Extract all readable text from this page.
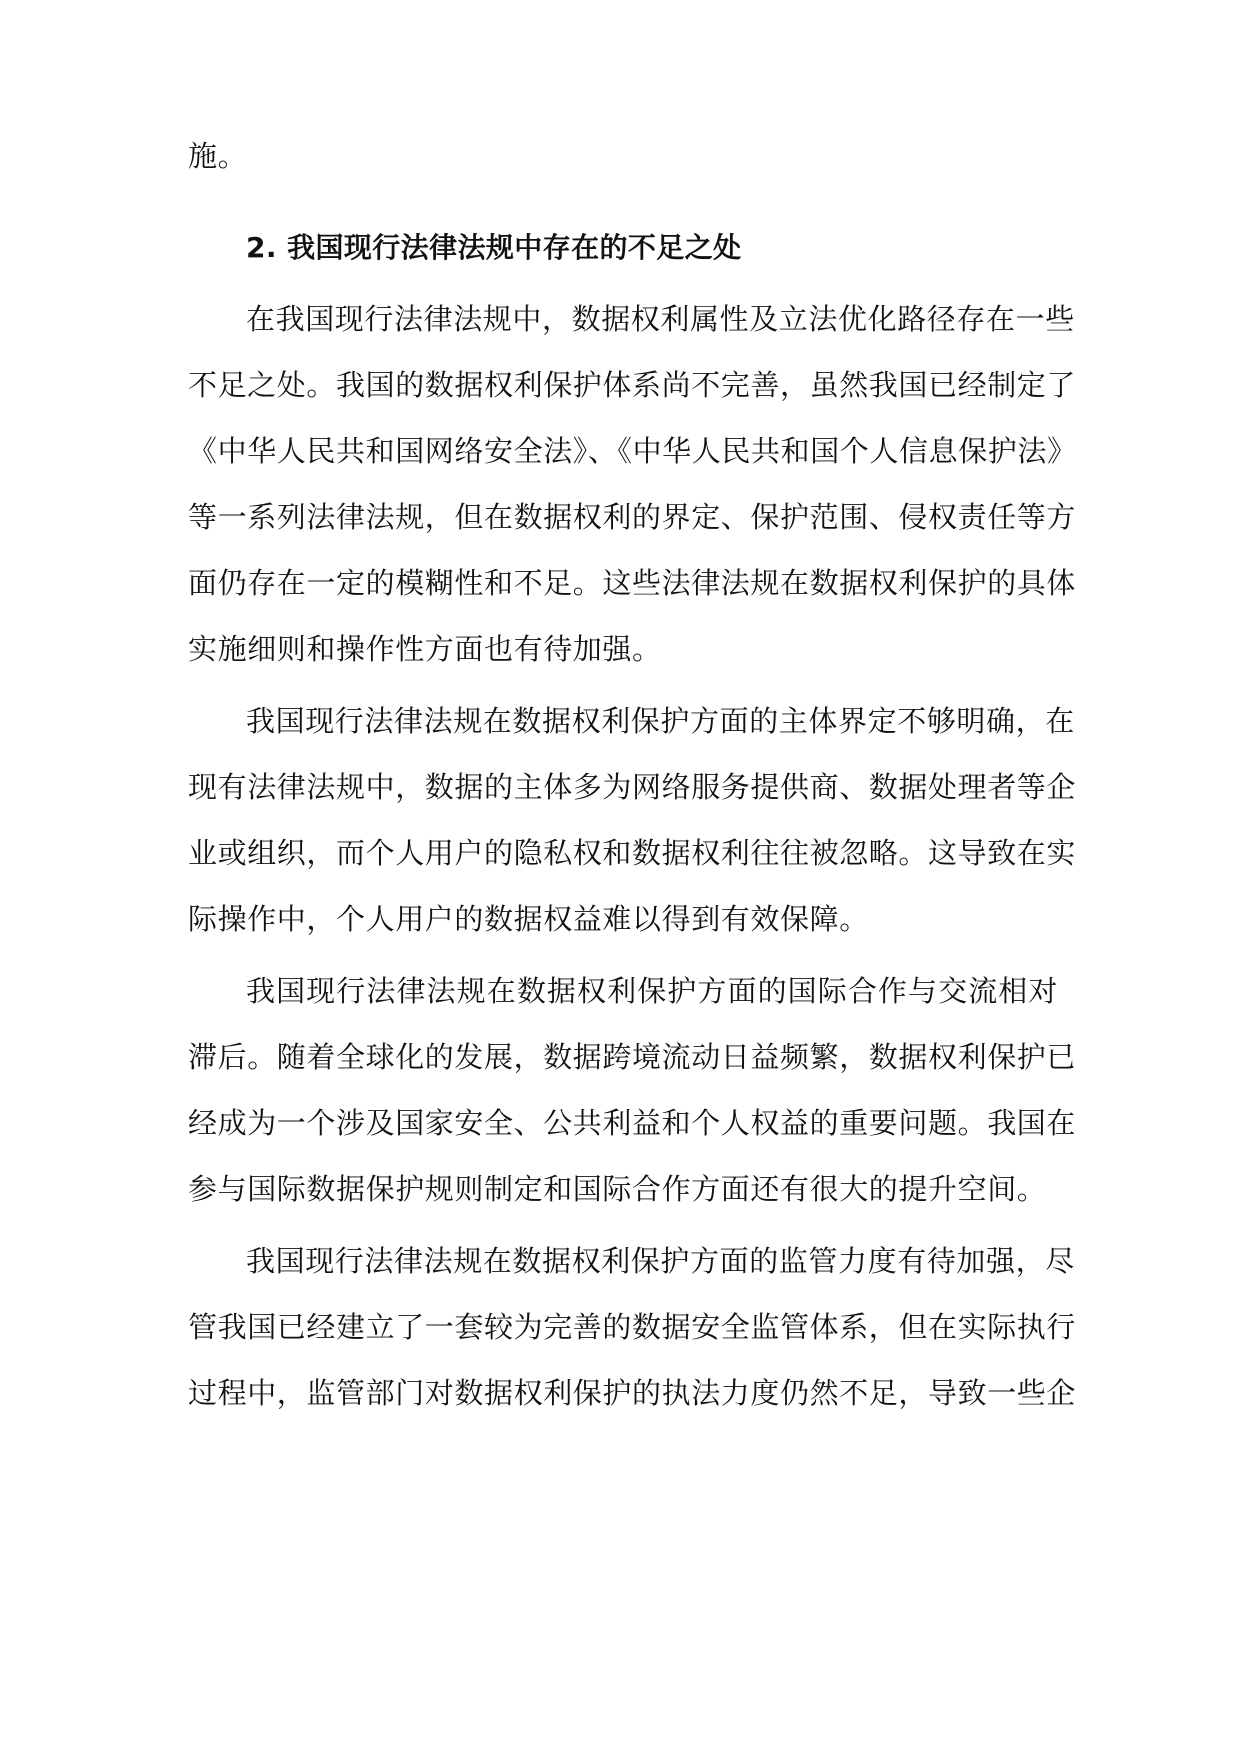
施。
2. 我国现行法律法规中存在的不足之处
在我国现行法律法规中，数据权利属性及立法优化路径存在一些
不足之处。我国的数据权利保护体系尚不完善，虽然我国已经制定了
《中华人民共和国网络安全法》、《中华人民共和国个人信息保护法》
等一系列法律法规，但在数据权利的界定、保护范围、侵权责任等方
面仍存在一定的模糊性和不足。这些法律法规在数据权利保护的具体
实施细则和操作性方面也有待加强。
我国现行法律法规在数据权利保护方面的主体界定不够明确，在
现有法律法规中，数据的主体多为网络服务提供商、数据处理者等企
业或组织，而个人用户的隐私权和数据权利往往被忽略。这导致在实
际操作中，个人用户的数据权益难以得到有效保障。
我国现行法律法规在数据权利保护方面的国际合作与交流相对
滞后。随着全球化的发展，数据跨境流动日益频繁，数据权利保护已
经成为一个涉及国家安全、公共利益和个人权益的重要问题。我国在
参与国际数据保护规则制定和国际合作方面还有很大的提升空间。
我国现行法律法规在数据权利保护方面的监管力度有待加强，尽
管我国已经建立了一套较为完善的数据安全监管体系，但在实际执行
过程中，监管部门对数据权利保护的执法力度仍然不足，导致一些企
